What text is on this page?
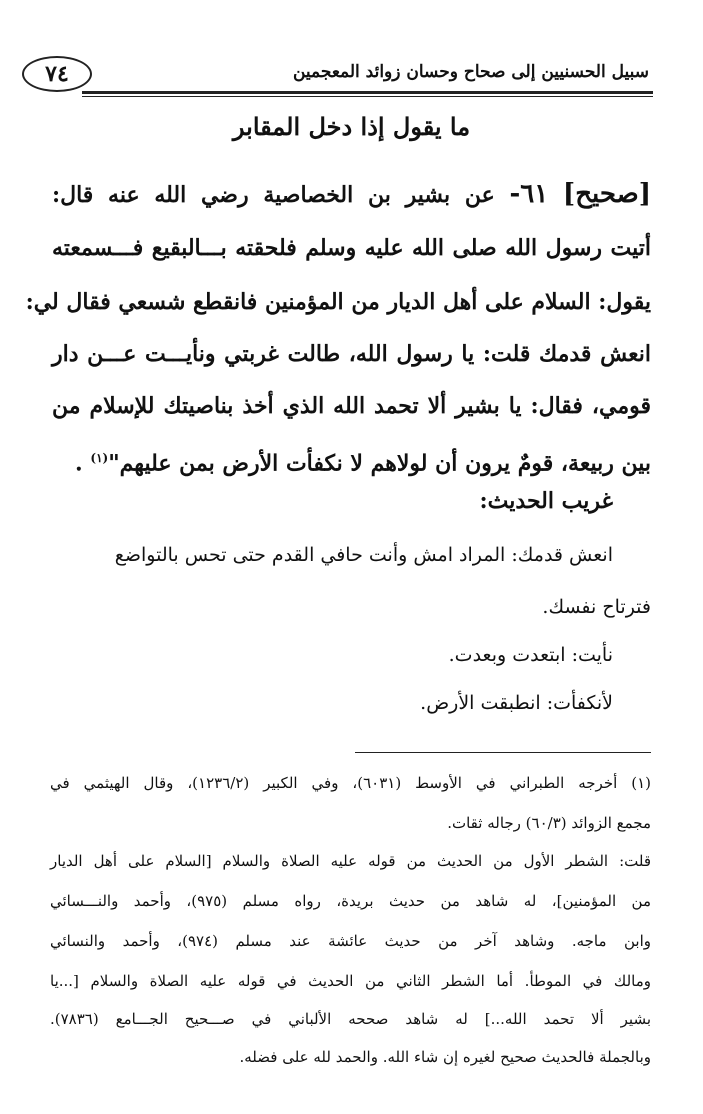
٧٤	سبيل الحسنيين إلى صحاح وحسان زوائد المعجمين
ما يقول إذا دخل المقابر
[صحيح] ٦١- عن بشير بن الخصاصية رضي الله عنه قال:
أتيت رسول الله صلى الله عليه وسلم فلحقته بـــالبقيع فـــسمعته
يقول: السلام على أهل الديار من المؤمنين فانقطع شسعي فقال لي:
انعش قدمك قلت: يا رسول الله، طالت غربتي ونأيـــت عـــن دار
قومي، فقال: يا بشير ألا تحمد الله الذي أخذ بناصيتك للإسلام من
بين ربيعة، قومٌ يرون أن لولاهم لا نكفأت الأرض بمن عليهم"$^{(١)}$ .
غريب الحديث:
انعش قدمك: المراد امش وأنت حافي القدم حتى تحس بالتواضع
فترتاح نفسك.
نأيت: ابتعدت وبعدت.
لأنكفأت: انطبقت الأرض.
(١) أخرجه الطبراني في الأوسط (٦٠٣١)، وفي الكبير (١٢٣٦/٢)، وقال الهيثمي في
مجمع الزوائد (٦٠/٣) رجاله ثقات.
قلت: الشطر الأول من الحديث من قوله عليه الصلاة والسلام [السلام على أهل الديار
من المؤمنين]، له شاهد من حديث بريدة، رواه مسلم (٩٧٥)، وأحمد والنـــسائي
وابن ماجه. وشاهد آخر من حديث عائشة عند مسلم (٩٧٤)، وأحمد والنسائي
ومالك في الموطأ. أما الشطر الثاني من الحديث في قوله عليه الصلاة والسلام [...يا
بشير ألا تحمد الله...] له شاهد صححه الألباني في صـــحيح الجـــامع (٧٨٣٦).
وبالجملة فالحديث صحيح لغيره إن شاء الله. والحمد لله على فضله.
